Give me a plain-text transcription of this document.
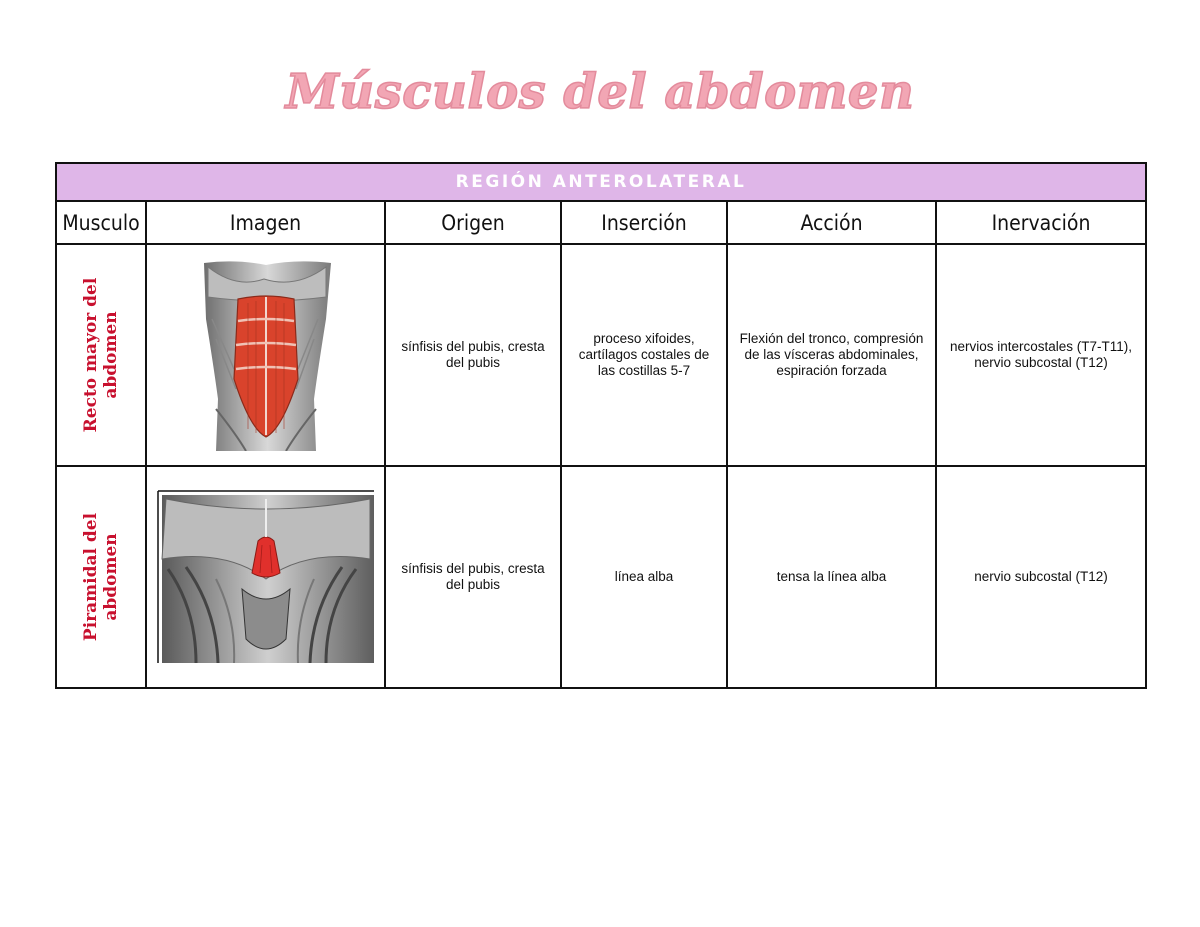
Músculos del abdomen
REGIÓN ANTEROLATERAL					
Musculo	Imagen	Origen	Inserción	Acción	Inervación

Recto mayor del abdomen		sínfisis del pubis, cresta del pubis	proceso xifoides, cartílagos costales de las costillas 5-7	Flexión del tronco, compresión de las vísceras abdominales, espiración forzada	nervios intercostales (T7-T11), nervio subcostal (T12)

Piramidal del abdomen		sínfisis del pubis, cresta del pubis	línea alba	tensa la línea alba	nervio subcostal (T12)
